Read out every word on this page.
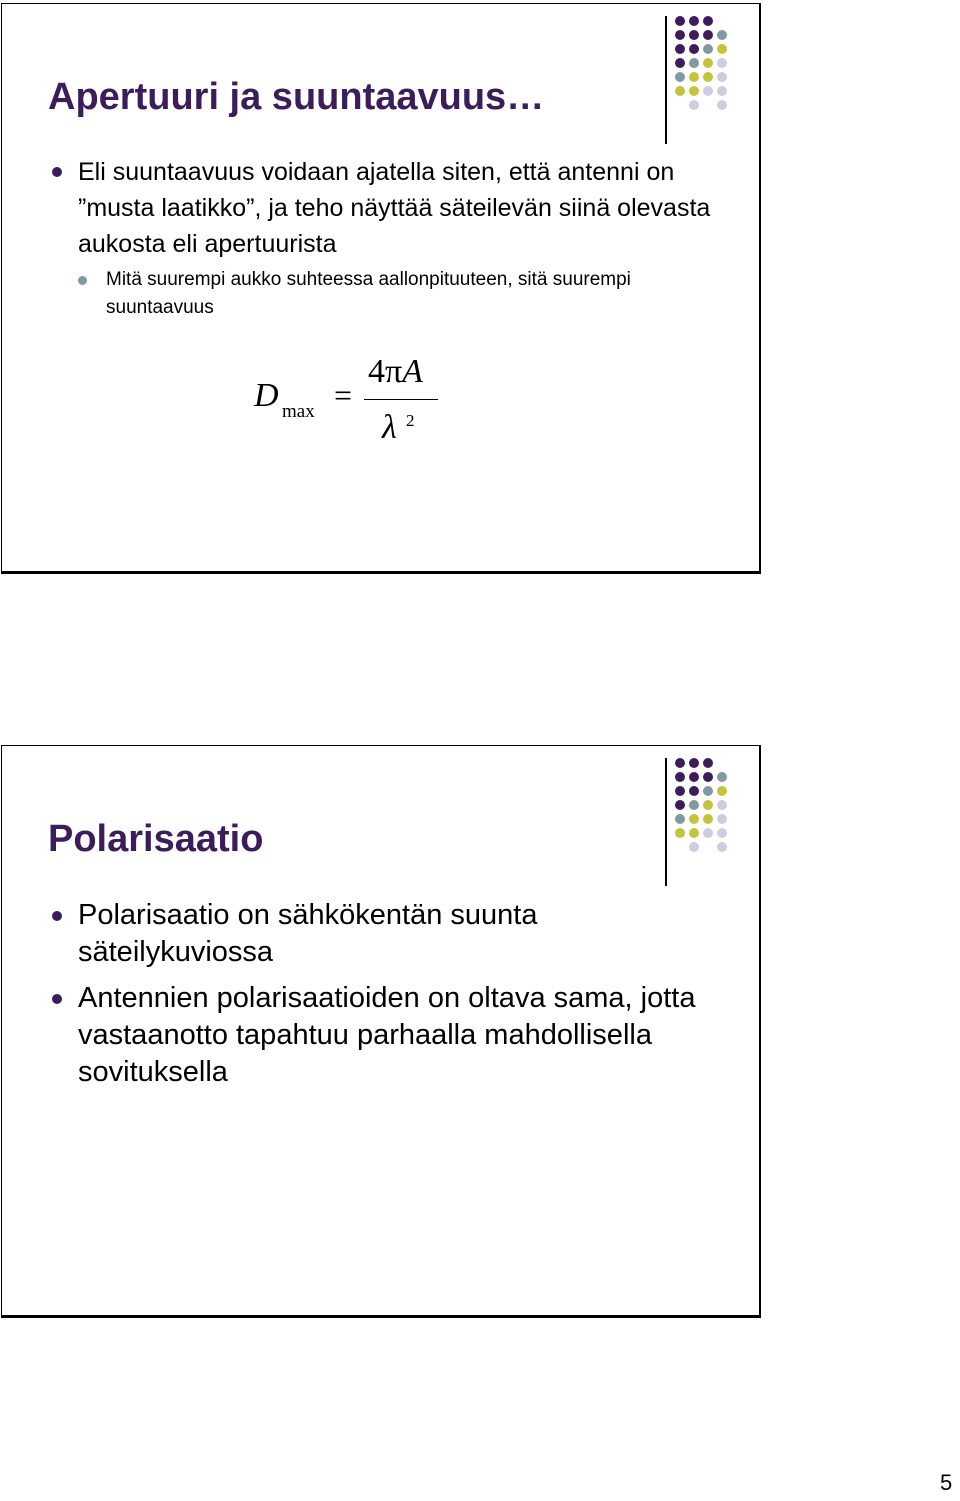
Apertuuri ja suuntaavuus…
Eli suuntaavuus voidaan ajatella siten, että antenni on ”musta laatikko”, ja teho näyttää säteilevän siinä olevasta aukosta eli apertuurista
Mitä suurempi aukko suhteessa aallonpituuteen, sitä suurempi suuntaavuus
D max =
4πA
λ 2
Polarisaatio
Polarisaatio on sähkökentän suunta säteilykuviossa
Antennien polarisaatioiden on oltava sama, jotta vastaanotto tapahtuu parhaalla mahdollisella sovituksella
5
